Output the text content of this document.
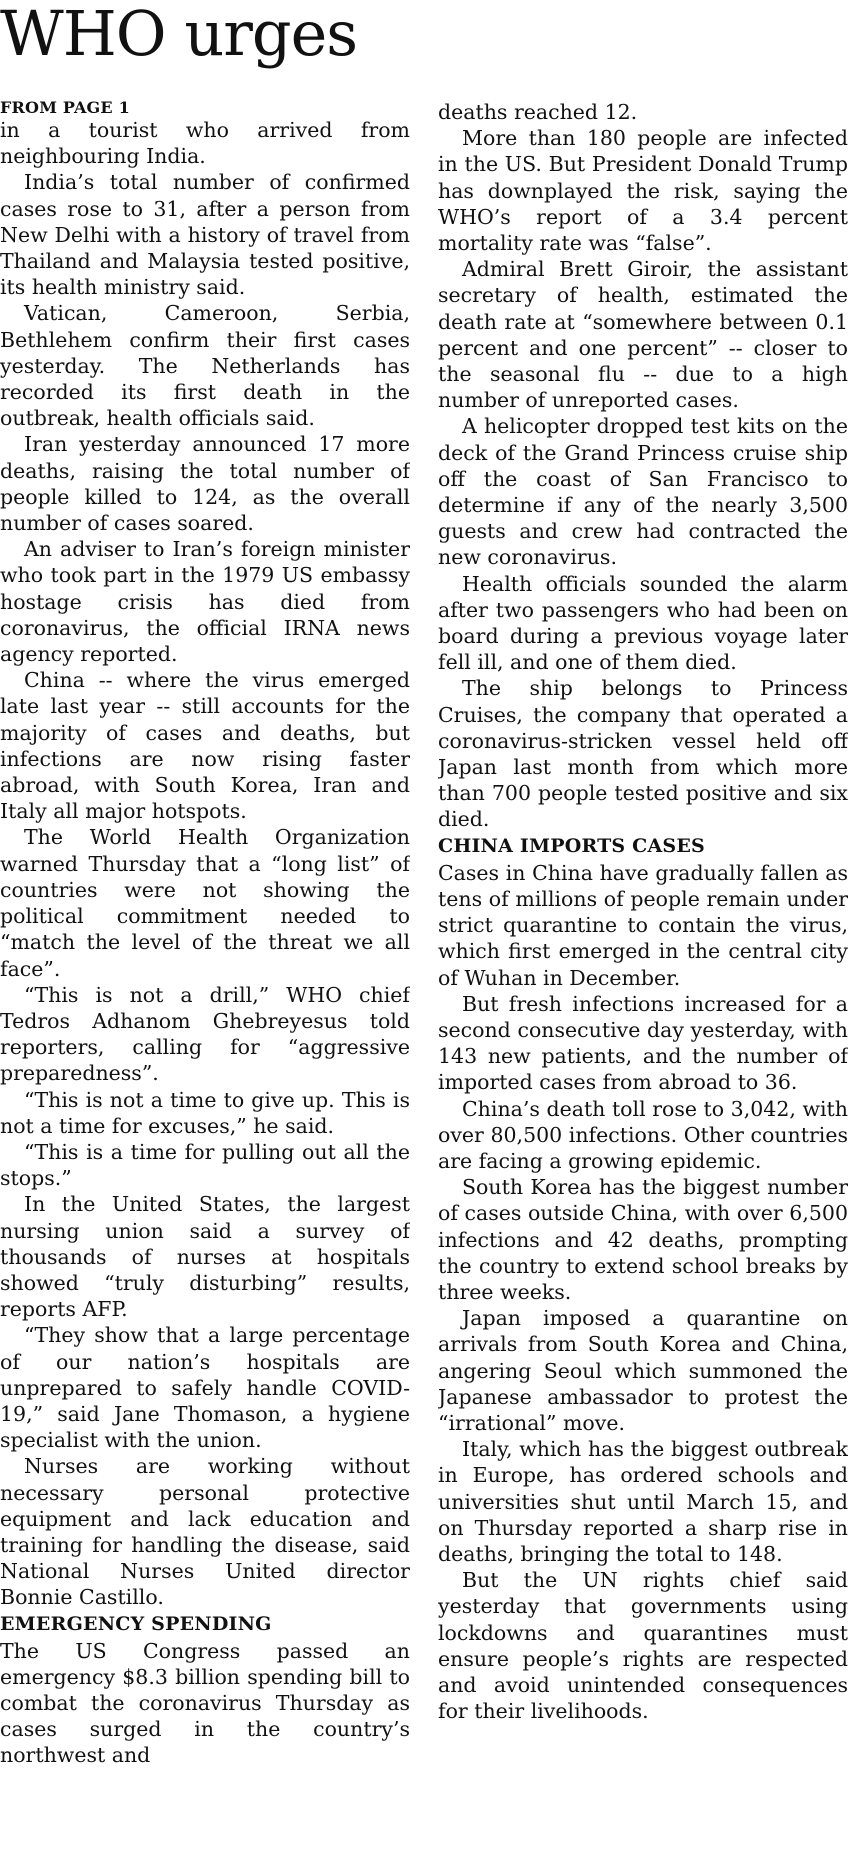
WHO urges

FROM PAGE 1

in a tourist who arrived from neighbouring India.

India’s total number of confirmed cases rose to 31, after a person from New Delhi with a history of travel from Thailand and Malaysia tested positive, its health ministry said.

Vatican, Cameroon, Serbia, Bethlehem confirm their first cases yesterday. The Netherlands has recorded its first death in the outbreak, health officials said.

Iran yesterday announced 17 more deaths, raising the total number of people killed to 124, as the overall number of cases soared.

An adviser to Iran’s foreign minister who took part in the 1979 US embassy hostage crisis has died from coronavirus, the official IRNA news agency reported.

China -- where the virus emerged late last year -- still accounts for the majority of cases and deaths, but infections are now rising faster abroad, with South Korea, Iran and Italy all major hotspots.

The World Health Organization warned Thursday that a “long list” of countries were not showing the political commitment needed to “match the level of the threat we all face”.

“This is not a drill,” WHO chief Tedros Adhanom Ghebreyesus told reporters, calling for “aggressive preparedness”.

“This is not a time to give up. This is not a time for excuses,” he said.

“This is a time for pulling out all the stops.”

In the United States, the largest nursing union said a survey of thousands of nurses at hospitals showed “truly disturbing” results, reports AFP.

“They show that a large percentage of our nation’s hospitals are unprepared to safely handle COVID-19,” said Jane Thomason, a hygiene specialist with the union.

Nurses are working without necessary personal protective equipment and lack education and training for handling the disease, said National Nurses United director Bonnie Castillo.

EMERGENCY SPENDING

The US Congress passed an emergency $8.3 billion spending bill to combat the coronavirus Thursday as cases surged in the country’s northwest and

deaths reached 12.

More than 180 people are infected in the US. But President Donald Trump has downplayed the risk, saying the WHO’s report of a 3.4 percent mortality rate was “false”.

Admiral Brett Giroir, the assistant secretary of health, estimated the death rate at “somewhere between 0.1 percent and one percent” -- closer to the seasonal flu -- due to a high number of unreported cases.

A helicopter dropped test kits on the deck of the Grand Princess cruise ship off the coast of San Francisco to determine if any of the nearly 3,500 guests and crew had contracted the new coronavirus.

Health officials sounded the alarm after two passengers who had been on board during a previous voyage later fell ill, and one of them died.

The ship belongs to Princess Cruises, the company that operated a coronavirus-stricken vessel held off Japan last month from which more than 700 people tested positive and six died.

CHINA IMPORTS CASES

Cases in China have gradually fallen as tens of millions of people remain under strict quarantine to contain the virus, which first emerged in the central city of Wuhan in December.

But fresh infections increased for a second consecutive day yesterday, with 143 new patients, and the number of imported cases from abroad to 36.

China’s death toll rose to 3,042, with over 80,500 infections. Other countries are facing a growing epidemic.

South Korea has the biggest number of cases outside China, with over 6,500 infections and 42 deaths, prompting the country to extend school breaks by three weeks.

Japan imposed a quarantine on arrivals from South Korea and China, angering Seoul which summoned the Japanese ambassador to protest the “irrational” move.

Italy, which has the biggest outbreak in Europe, has ordered schools and universities shut until March 15, and on Thursday reported a sharp rise in deaths, bringing the total to 148.

But the UN rights chief said yesterday that governments using lockdowns and quarantines must ensure people’s rights are respected and avoid unintended consequences for their livelihoods.
